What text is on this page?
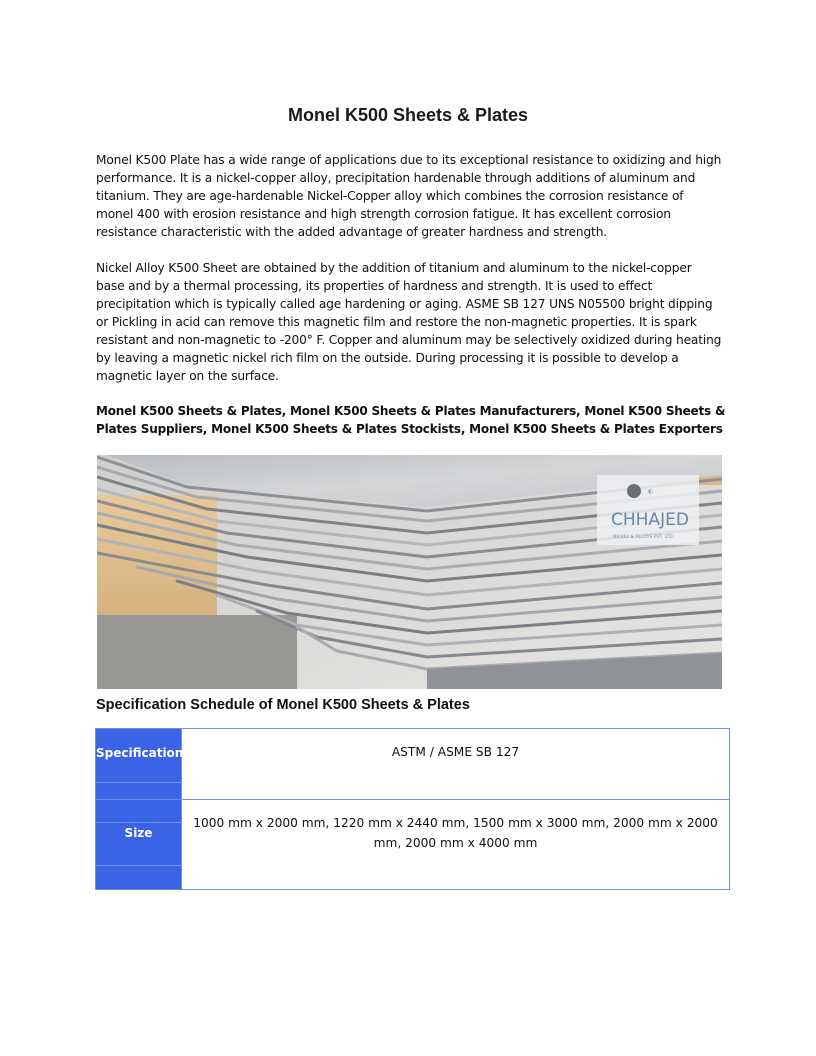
Monel K500 Sheets & Plates

Monel K500 Plate has a wide range of applications due to its exceptional resistance to oxidizing and high performance. It is a nickel-copper alloy, precipitation hardenable through additions of aluminum and titanium. They are age-hardenable Nickel-Copper alloy which combines the corrosion resistance of monel 400 with erosion resistance and high strength corrosion fatigue. It has excellent corrosion resistance characteristic with the added advantage of greater hardness and strength.

Nickel Alloy K500 Sheet are obtained by the addition of titanium and aluminum to the nickel-copper base and by a thermal processing, its properties of hardness and strength. It is used to effect precipitation which is typically called age hardening or aging. ASME SB 127 UNS N05500 bright dipping or Pickling in acid can remove this magnetic film and restore the non-magnetic properties. It is spark resistant and non-magnetic to -200° F. Copper and aluminum may be selectively oxidized during heating by leaving a magnetic nickel rich film on the outside. During processing it is possible to develop a magnetic layer on the surface.

Monel K500 Sheets & Plates, Monel K500 Sheets & Plates Manufacturers, Monel K500 Sheets & Plates Suppliers, Monel K500 Sheets & Plates Stockists, Monel K500 Sheets & Plates Exporters
◐
CHHAJED
NICKEL & ALLOYS PVT. LTD.
Specification Schedule of Monel K500 Sheets & Plates
Specifications	ASTM / ASME SB 127
Size
1000 mm x 2000 mm, 1220 mm x 2440 mm, 1500 mm x 3000 mm, 2000 mm x 2000 mm, 2000 mm x 4000 mm
